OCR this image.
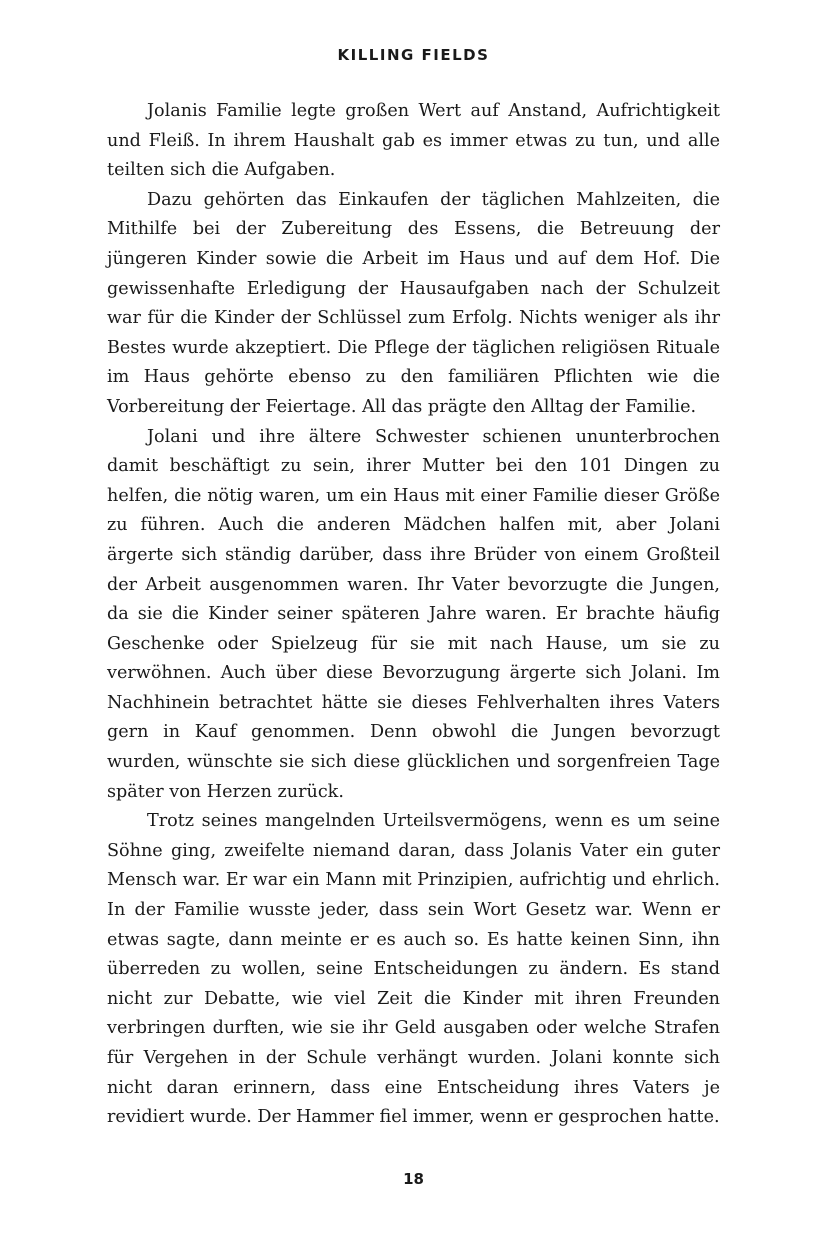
KILLING FIELDS

Jolanis Familie legte großen Wert auf Anstand, Aufrichtigkeit und Fleiß. In ihrem Haushalt gab es immer etwas zu tun, und alle teilten sich die Aufgaben.

Dazu gehörten das Einkaufen der täglichen Mahlzeiten, die Mithilfe bei der Zubereitung des Essens, die Betreuung der jüngeren Kinder sowie die Arbeit im Haus und auf dem Hof. Die gewissenhafte Erledigung der Hausaufgaben nach der Schulzeit war für die Kinder der Schlüssel zum Erfolg. Nichts weniger als ihr Bestes wurde akzeptiert. Die Pflege der täglichen religiösen Rituale im Haus gehörte ebenso zu den familiären Pflichten wie die Vorbereitung der Feiertage. All das prägte den Alltag der Familie.

Jolani und ihre ältere Schwester schienen ununterbrochen damit beschäftigt zu sein, ihrer Mutter bei den 101 Dingen zu helfen, die nötig waren, um ein Haus mit einer Familie dieser Größe zu führen. Auch die anderen Mädchen halfen mit, aber Jolani ärgerte sich ständig darüber, dass ihre Brüder von einem Großteil der Arbeit ausgenommen waren. Ihr Vater bevorzugte die Jungen, da sie die Kinder seiner späteren Jahre waren. Er brachte häufig Geschenke oder Spielzeug für sie mit nach Hause, um sie zu verwöhnen. Auch über diese Bevorzugung ärgerte sich Jolani. Im Nachhinein betrachtet hätte sie dieses Fehlverhalten ihres Vaters gern in Kauf genommen. Denn obwohl die Jungen bevorzugt wurden, wünschte sie sich diese glücklichen und sorgenfreien Tage später von Herzen zurück.

Trotz seines mangelnden Urteilsvermögens, wenn es um seine Söhne ging, zweifelte niemand daran, dass Jolanis Vater ein guter Mensch war. Er war ein Mann mit Prinzipien, aufrichtig und ehrlich. In der Familie wusste jeder, dass sein Wort Gesetz war. Wenn er etwas sagte, dann meinte er es auch so. Es hatte keinen Sinn, ihn überreden zu wollen, seine Entscheidungen zu ändern. Es stand nicht zur Debatte, wie viel Zeit die Kinder mit ihren Freunden verbringen durften, wie sie ihr Geld ausgaben oder welche Strafen für Vergehen in der Schule verhängt wurden. Jolani konnte sich nicht daran erinnern, dass eine Entscheidung ihres Vaters je revidiert wurde. Der Hammer fiel immer, wenn er gesprochen hatte.

18
